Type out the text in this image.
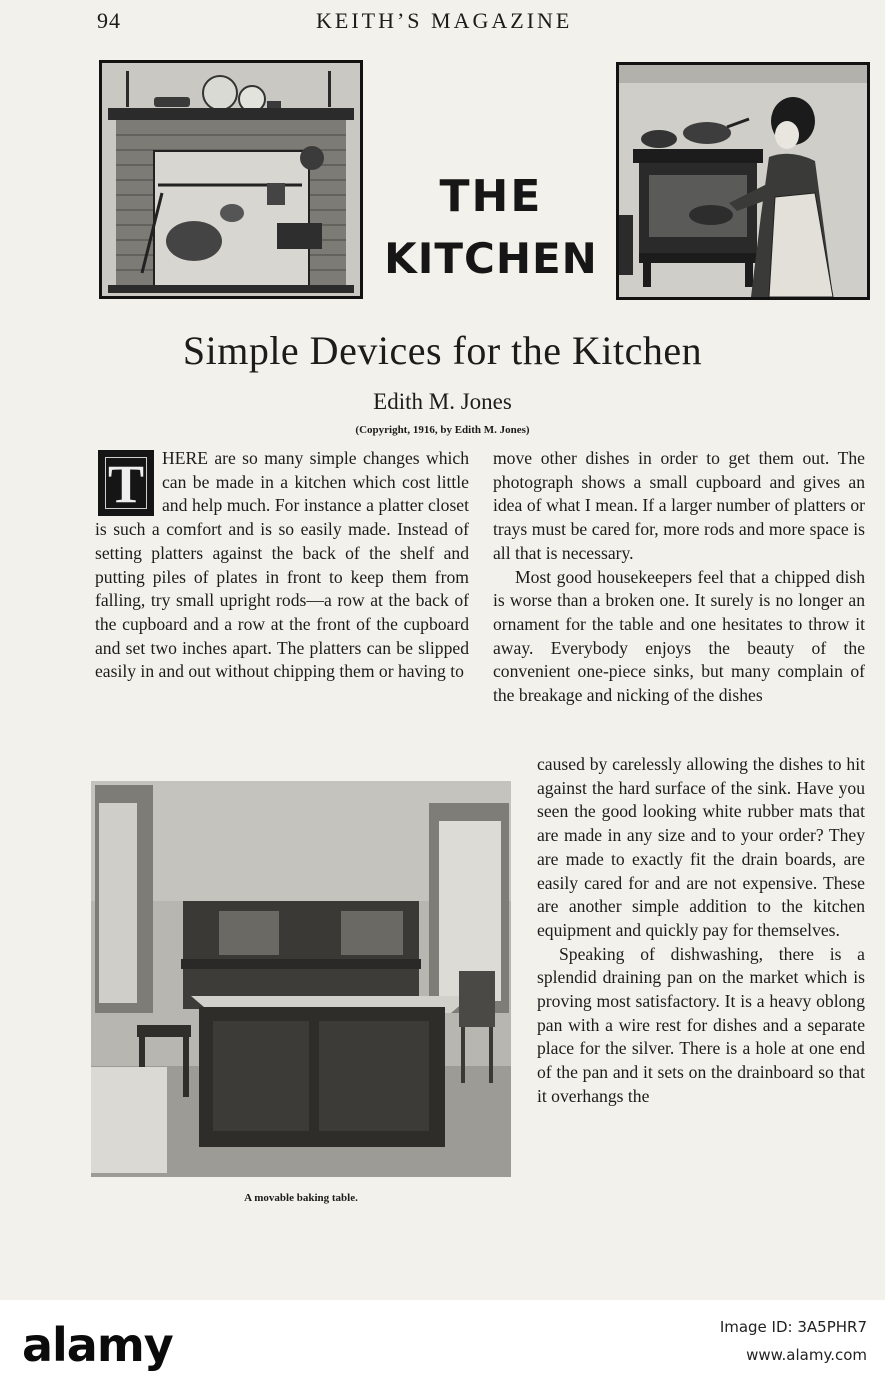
94	KEITH’S MAGAZINE
THE
KITCHEN
Simple Devices for the Kitchen
Edith M. Jones
(Copyright, 1916, by Edith M. Jones)
T	HERE are so many simple changes which can be made in a kitchen which cost little and help much. For instance a platter closet is such a comfort and is so easily made. Instead of setting platters against the back of the shelf and putting piles of plates in front to keep them from falling, try small upright rods—a row at the back of the cupboard and a row at the front of the cupboard and set two inches apart. The platters can be slipped easily in and out without chipping them or having to

move other dishes in order to get them out. The photograph shows a small cupboard and gives an idea of what I mean. If a larger number of platters or trays must be cared for, more rods and more space is all that is necessary.

Most good housekeepers feel that a chipped dish is worse than a broken one. It surely is no longer an ornament for the table and one hesitates to throw it away. Everybody enjoys the beauty of the convenient one-piece sinks, but many complain of the breakage and nicking of the dishes

A movable baking table.

caused by carelessly allowing the dishes to hit against the hard surface of the sink. Have you seen the good looking white rubber mats that are made in any size and to your order? They are made to exactly fit the drain boards, are easily cared for and are not expensive. These are another simple addition to the kitchen equipment and quickly pay for themselves.

Speaking of dishwashing, there is a splendid draining pan on the market which is proving most satisfactory. It is a heavy oblong pan with a wire rest for dishes and a separate place for the silver. There is a hole at one end of the pan and it sets on the drainboard so that it overhangs the

alamy	Image ID: 3A5PHR7
www.alamy.com
